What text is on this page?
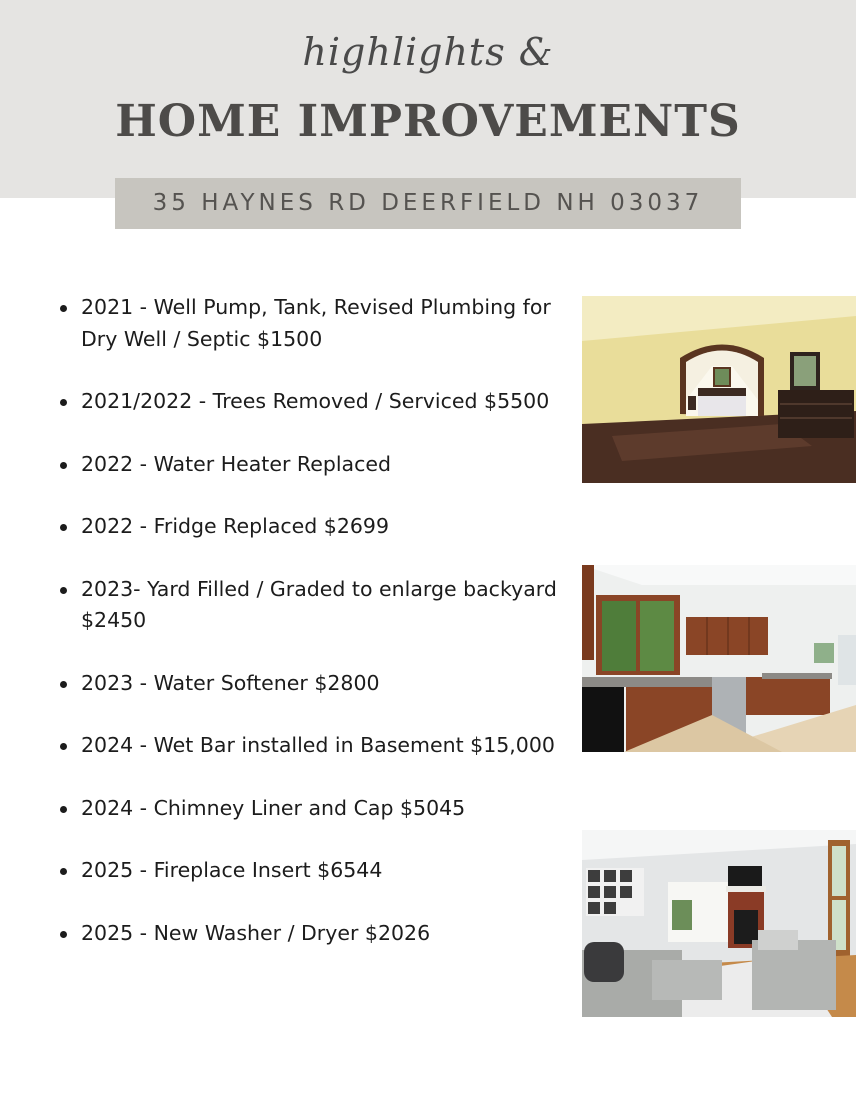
highlights &
HOME IMPROVEMENTS
35 HAYNES RD DEERFIELD NH 03037
2021 - Well Pump, Tank, Revised Plumbing for Dry Well / Septic $1500
2021/2022 - Trees Removed / Serviced $5500
2022 - Water Heater Replaced
2022 - Fridge Replaced $2699
2023- Yard Filled / Graded to enlarge backyard $2450
2023 - Water Softener $2800
2024 - Wet Bar installed in Basement $15,000
2024 - Chimney Liner and Cap $5045
2025 - Fireplace Insert $6544
2025 - New Washer / Dryer $2026
